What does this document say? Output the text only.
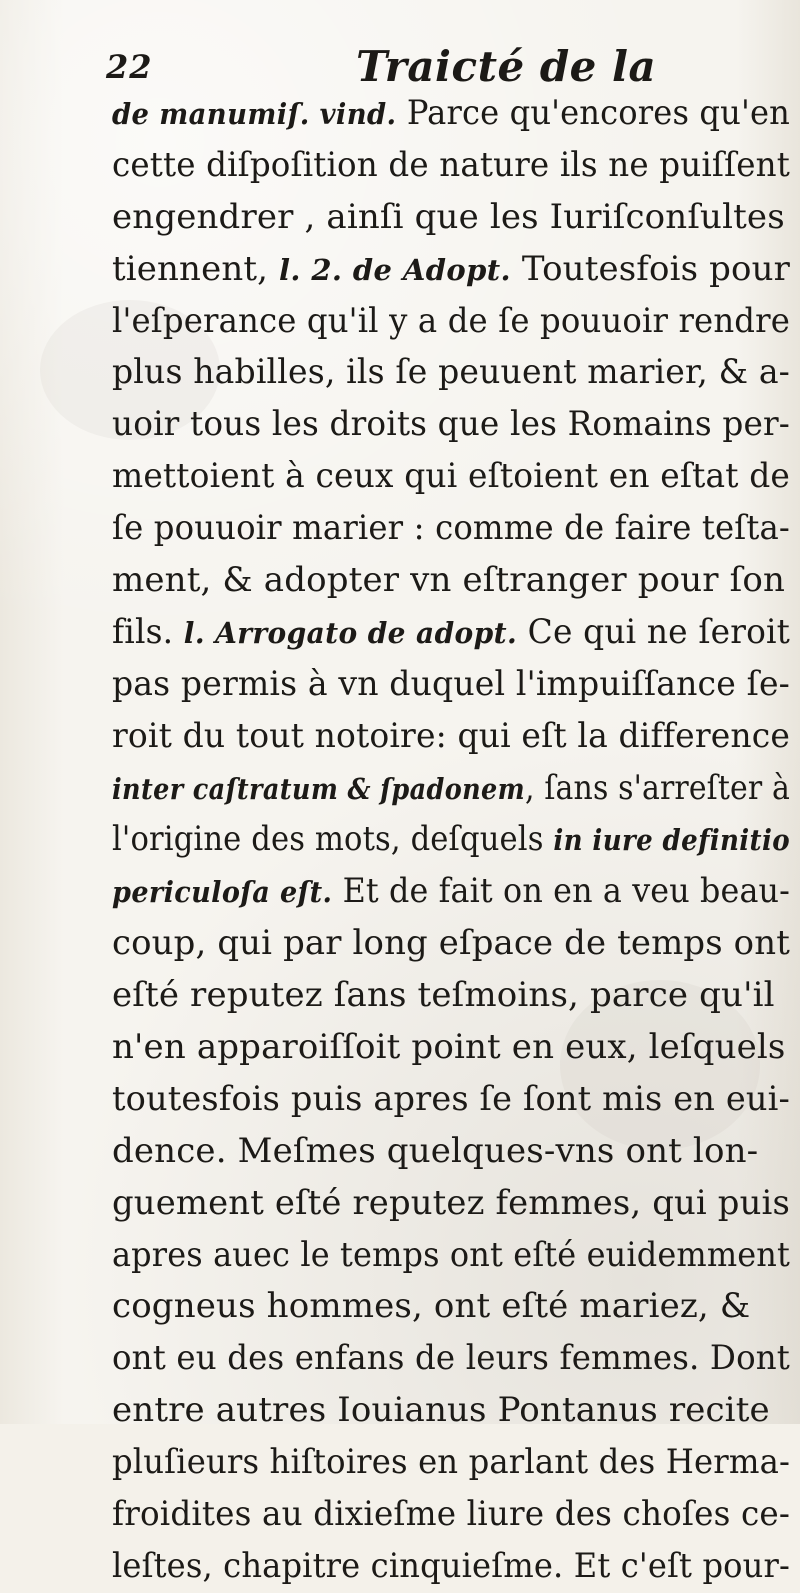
22	Traicté de la
de manumiſ. vind. Parce qu'encores qu'en
cette diſpoſition de nature ils ne puiſſent
engendrer , ainſi que les Iuriſconſultes
tiennent, l. 2. de Adopt. Toutesfois pour
l'eſperance qu'il y a de ſe pouuoir rendre
plus habilles, ils ſe peuuent marier, & a-
uoir tous les droits que les Romains per-
mettoient à ceux qui eſtoient en eſtat de
ſe pouuoir marier : comme de faire teſta-
ment, & adopter vn eſtranger pour ſon
fils. l. Arrogato de adopt. Ce qui ne ſeroit
pas permis à vn duquel l'impuiſſance ſe-
roit du tout notoire: qui eſt la difference
inter caſtratum & ſpadonem, ſans s'arreſter à
l'origine des mots, deſquels in iure definitio
periculoſa eſt. Et de fait on en a veu beau-
coup, qui par long eſpace de temps ont
eſté reputez ſans teſmoins, parce qu'il
n'en apparoiſſoit point en eux, leſquels
toutesfois puis apres ſe ſont mis en eui-
dence. Meſmes quelques-vns ont lon-
guement eſté reputez femmes, qui puis
apres auec le temps ont eſté euidemment
cogneus hommes, ont eſté mariez, &
ont eu des enfans de leurs femmes. Dont
entre autres Iouianus Pontanus recite
pluſieurs hiſtoires en parlant des Herma-
froidites au dixieſme liure des choſes ce-
leſtes, chapitre cinquieſme. Et c'eſt pour-
